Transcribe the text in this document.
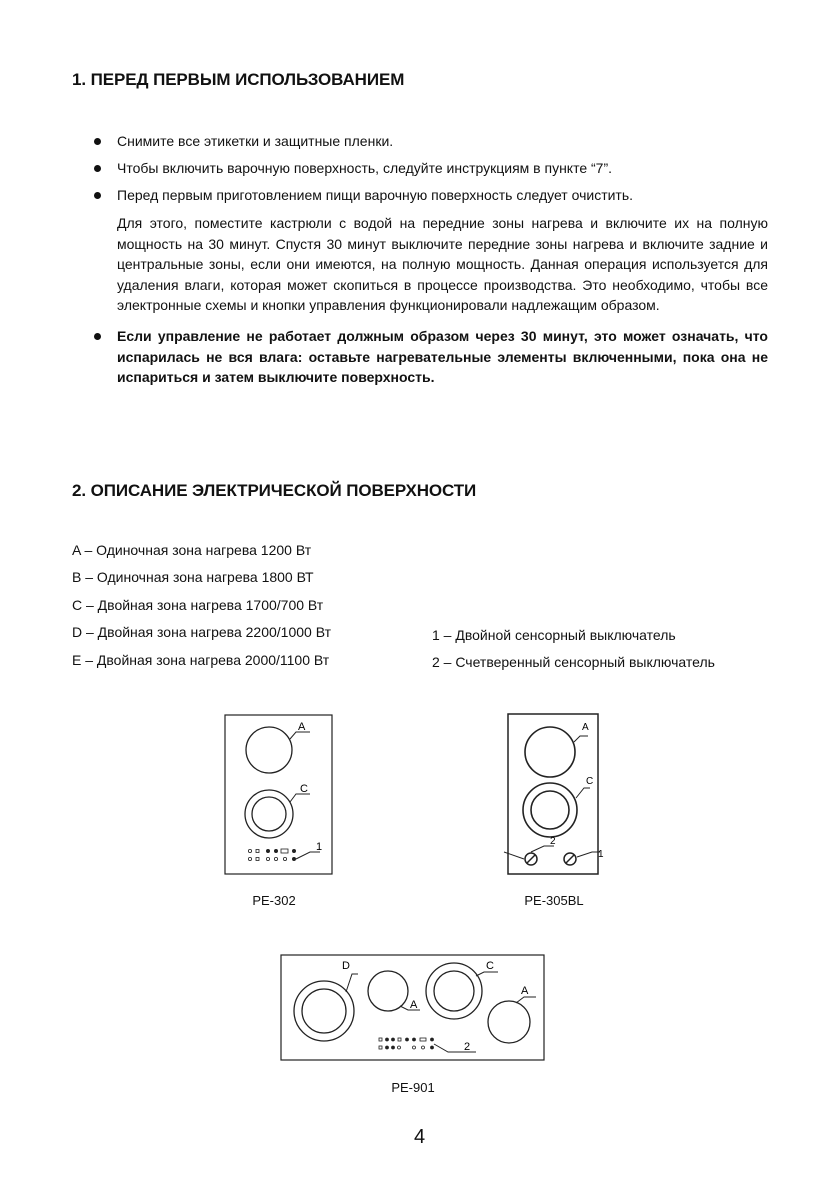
1. ПЕРЕД ПЕРВЫМ ИСПОЛЬЗОВАНИЕМ
Снимите все этикетки и защитные пленки.
Чтобы включить варочную поверхность, следуйте инструкциям в пункте “7”.
Перед первым приготовлением пищи варочную поверхность следует очистить.

Для этого, поместите кастрюли с водой на передние зоны нагрева и включите их на полную мощность на 30 минут. Спустя 30 минут выключите передние зоны нагрева и включите задние и центральные зоны, если они имеются, на полную мощность. Данная операция используется для удаления влаги, которая может скопиться в процессе производства. Это необходимо, чтобы все электронные схемы и кнопки управления функционировали надлежащим образом.

Если управление не работает должным образом через 30 минут, это может означать, что испарилась не вся влага: оставьте нагревательные элементы включенными, пока она не испариться и затем выключите поверхность.

2. ОПИСАНИЕ ЭЛЕКТРИЧЕСКОЙ ПОВЕРХНОСТИ
A – Одиночная зона нагрева 1200 Вт
B – Одиночная зона нагрева 1800 ВТ
C – Двойная зона нагрева 1700/700 Вт
D – Двойная зона нагрева 2200/1000 Вт
E – Двойная зона нагрева 2000/1100 Вт
1 – Двойной сенсорный выключатель
2 – Счетверенный сенсорный выключатель
A
C
1
PE-302
A
C
2
1
PE-305BL
D
A
C
A
2
PE-901
4
